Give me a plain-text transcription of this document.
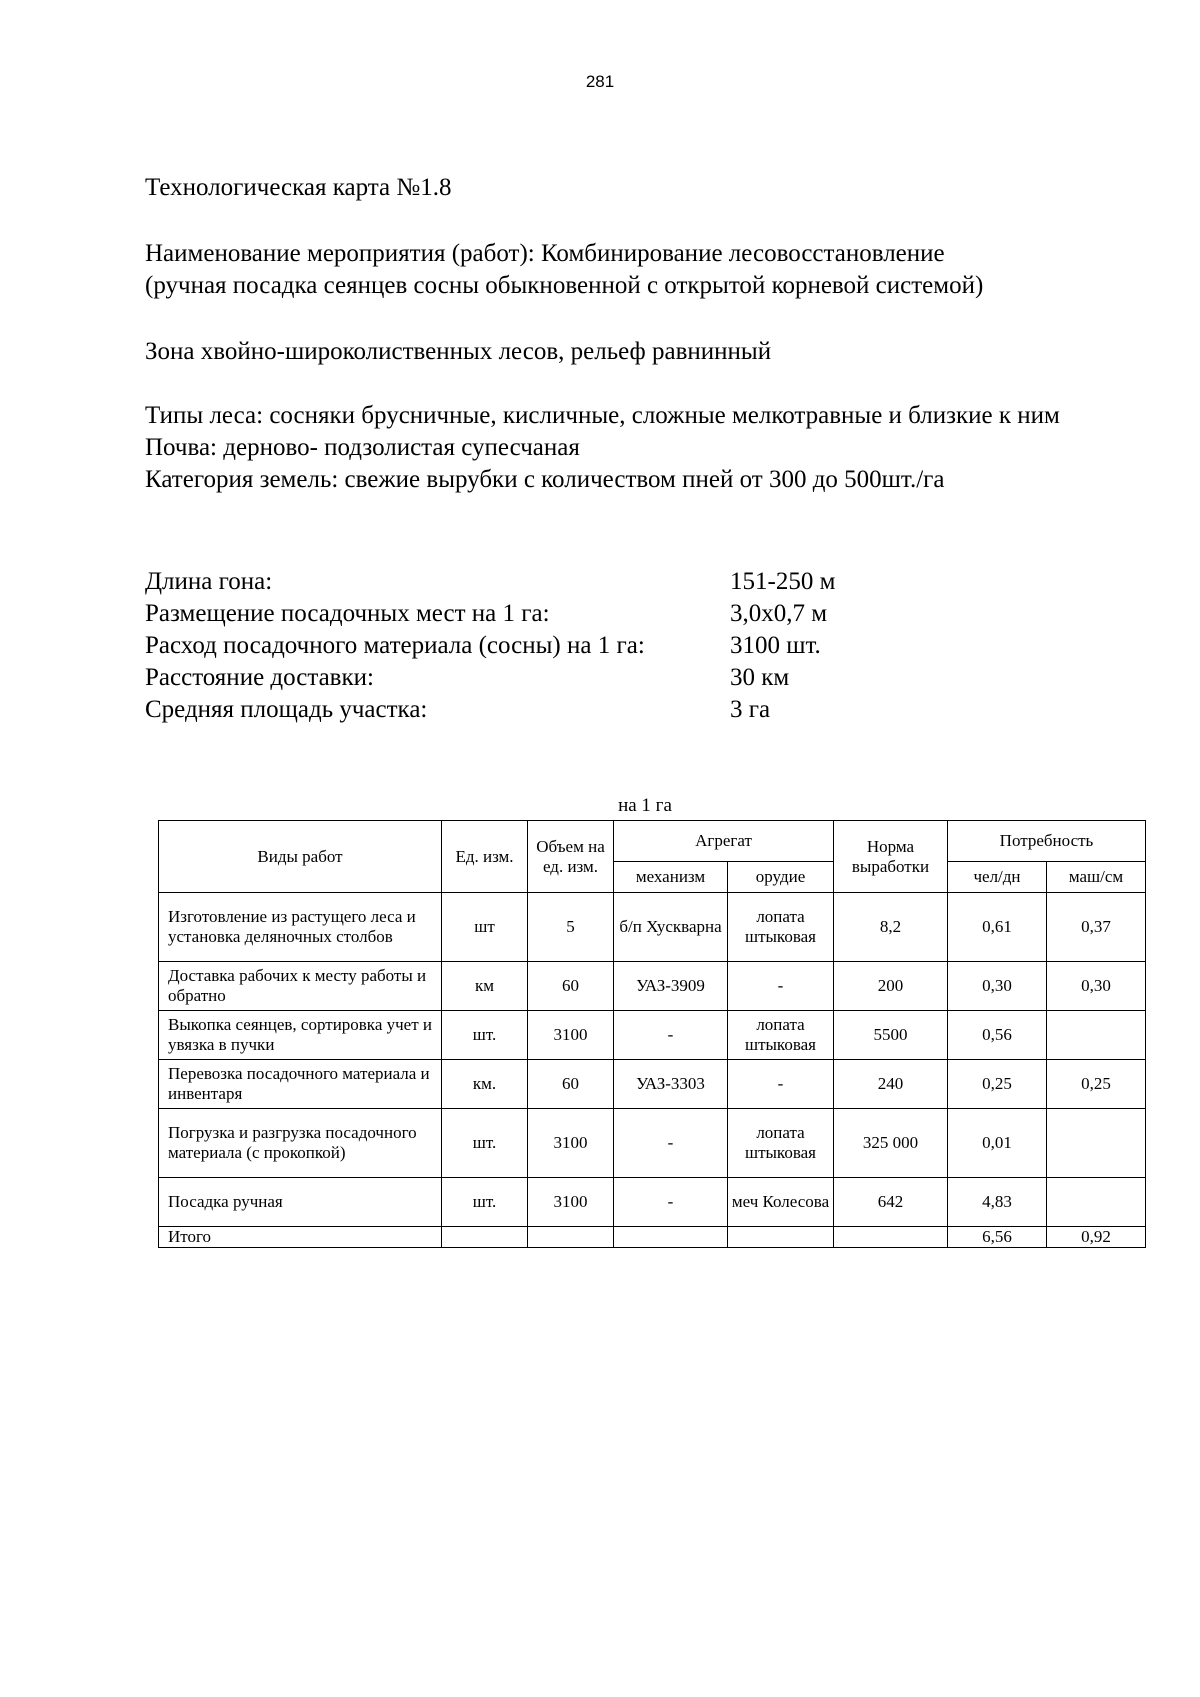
281
Технологическая карта №1.8
Наименование мероприятия (работ): Комбинирование лесовосстановление
(ручная посадка сеянцев сосны обыкновенной с открытой корневой системой)
Зона хвойно-широколиственных лесов, рельеф равнинный
Типы леса: сосняки брусничные, кисличные, сложные мелкотравные и близкие к ним
Почва: дерново- подзолистая супесчаная
Категория земель: свежие вырубки с количеством пней от 300 до 500шт./га
Длина гона:	151-250 м
Размещение посадочных мест на 1 га:	3,0х0,7 м
Расход посадочного материала (сосны) на 1 га:	3100 шт.
Расстояние доставки:	30 км
Средняя площадь участка:	3 га
на 1 га
Виды работ	Ед. изм.	Объем на ед. изм.	Агрегат		Норма выработки	Потребность	
			механизм	орудие		чел/дн	маш/см
Изготовление из растущего леса и установка деляночных столбов	шт	5	б/п Хускварна	лопата штыковая	8,2	0,61	0,37
Доставка рабочих к месту работы и обратно	км	60	УАЗ-3909	-	200	0,30	0,30
Выкопка сеянцев, сортировка учет и увязка в пучки	шт.	3100	-	лопата штыковая	5500	0,56	
Перевозка посадочного материала и инвентаря	км.	60	УАЗ-3303	-	240	0,25	0,25
Погрузка и разгрузка посадочного материала (с прокопкой)	шт.	3100	-	лопата штыковая	325 000	0,01	
Посадка ручная	шт.	3100	-	меч Колесова	642	4,83	
Итого						6,56	0,92
